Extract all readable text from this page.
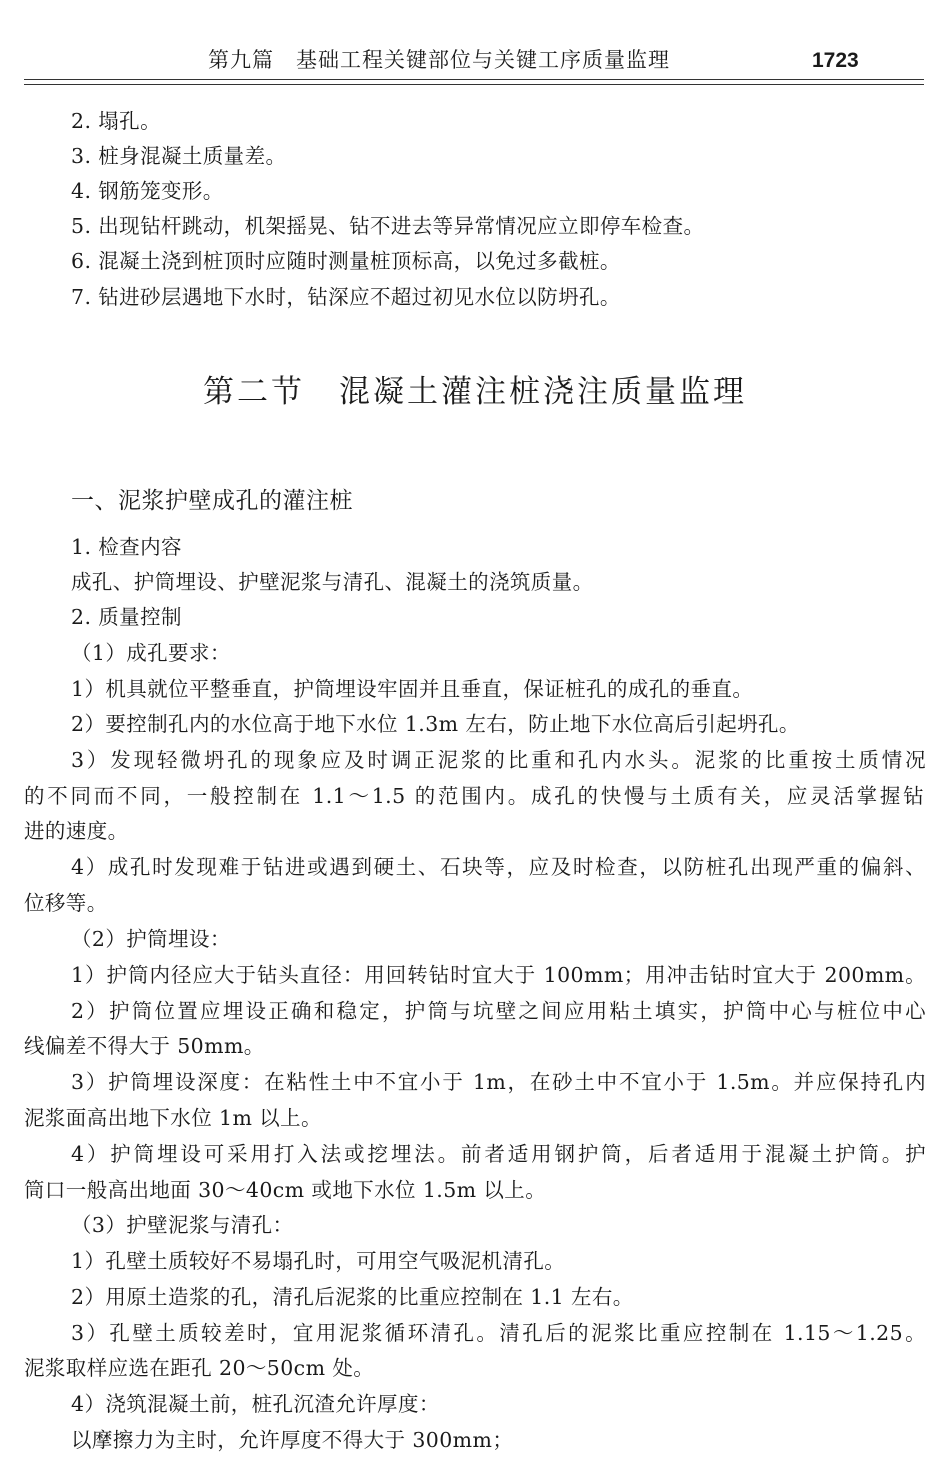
第九篇　基础工程关键部位与关键工序质量监理	1723
2. 塌孔。
3. 桩身混凝土质量差。
4. 钢筋笼变形。
5. 出现钻杆跳动，机架摇晃、钻不进去等异常情况应立即停车检查。
6. 混凝土浇到桩顶时应随时测量桩顶标高，以免过多截桩。
7. 钻进砂层遇地下水时，钻深应不超过初见水位以防坍孔。
第二节　混凝土灌注桩浇注质量监理
一、泥浆护壁成孔的灌注桩
1. 检查内容
成孔、护筒埋设、护壁泥浆与清孔、混凝土的浇筑质量。
2. 质量控制
（1）成孔要求：
1）机具就位平整垂直，护筒埋设牢固并且垂直，保证桩孔的成孔的垂直。
2）要控制孔内的水位高于地下水位 1.3m 左右，防止地下水位高后引起坍孔。
3）发现轻微坍孔的现象应及时调正泥浆的比重和孔内水头。泥浆的比重按土质情况
的不同而不同，一般控制在 1.1～1.5 的范围内。成孔的快慢与土质有关，应灵活掌握钻
进的速度。
4）成孔时发现难于钻进或遇到硬土、石块等，应及时检查，以防桩孔出现严重的偏斜、
位移等。
（2）护筒埋设：
1）护筒内径应大于钻头直径：用回转钻时宜大于 100mm；用冲击钻时宜大于 200mm。
2）护筒位置应埋设正确和稳定，护筒与坑壁之间应用粘土填实，护筒中心与桩位中心
线偏差不得大于 50mm。
3）护筒埋设深度：在粘性土中不宜小于 1m，在砂土中不宜小于 1.5m。并应保持孔内
泥浆面高出地下水位 1m 以上。
4）护筒埋设可采用打入法或挖埋法。前者适用钢护筒，后者适用于混凝土护筒。护
筒口一般高出地面 30～40cm 或地下水位 1.5m 以上。
（3）护壁泥浆与清孔：
1）孔壁土质较好不易塌孔时，可用空气吸泥机清孔。
2）用原土造浆的孔，清孔后泥浆的比重应控制在 1.1 左右。
3）孔壁土质较差时，宜用泥浆循环清孔。清孔后的泥浆比重应控制在 1.15～1.25。
泥浆取样应选在距孔 20～50cm 处。
4）浇筑混凝土前，桩孔沉渣允许厚度：
以摩擦力为主时，允许厚度不得大于 300mm；
